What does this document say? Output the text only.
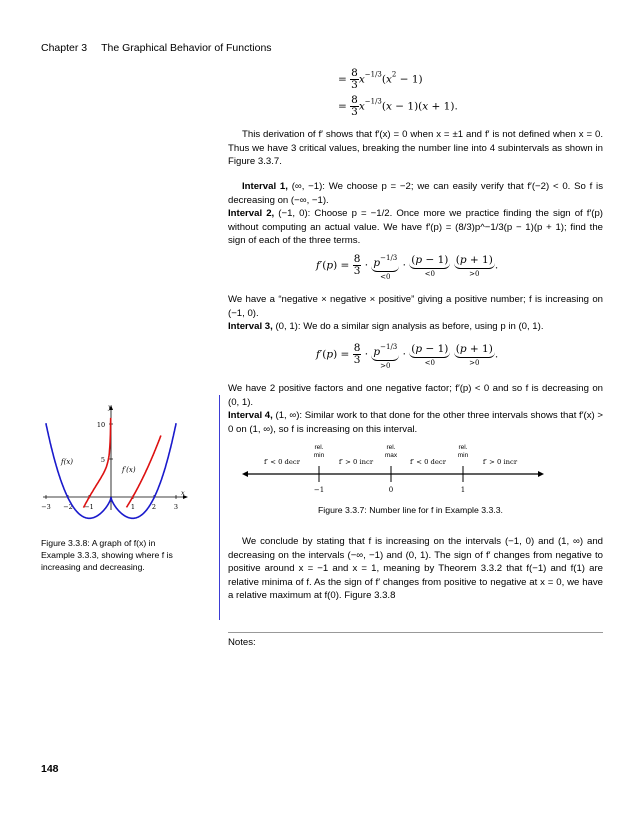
Chapter 3 The Graphical Behavior of Functions
= $\frac{8}{3} x^{-1/3}(x^2 - 1)$
= $\frac{8}{3} x^{-1/3}(x - 1)(x + 1)$.
This derivation of f′ shows that f′(x) = 0 when x = ±1 and f′ is not defined when x = 0. Thus we have 3 critical values, breaking the number line into 4 subintervals as shown in Figure 3.3.7.
Interval 1, (∞, −1): We choose p = −2; we can easily verify that f′(−2) < 0. So f is decreasing on (−∞, −1).
Interval 2, (−1, 0): Choose p = −1/2. Once more we practice finding the sign of f′(p) without computing an actual value. We have f′(p) = (8/3)p^−1/3(p − 1)(p + 1); find the sign of each of the three terms.
$f'(p) = \frac{8}{3} \cdot p^{-1/3}$
<0
· (p − 1)
<0

(p + 1)
>0
.
We have a “negative × negative × positive” giving a positive number; f is increasing on (−1, 0).
Interval 3, (0, 1): We do a similar sign analysis as before, using p in (0, 1).
$f'(p) = \frac{8}{3} \cdot p^{-1/3}$
>0
· (p − 1)
<0

(p + 1)
>0
.
We have 2 positive factors and one negative factor; f′(p) < 0 and so f is decreasing on (0, 1).
Interval 4, (1, ∞): Similar work to that done for the other three intervals shows that f′(x) > 0 on (1, ∞), so f is increasing on this interval.
rel.
min
rel.
max
rel.
min
f′ < 0 decr	f′ > 0 incr	f′ < 0 decr	f′ > 0 incr
−1	0	1
Figure 3.3.7: Number line for f in Example 3.3.3.
x
y
−3 −2 −1	1	2	3
5
10
f(x)
f′(x)
Figure 3.3.8: A graph of f(x) in Example 3.3.3, showing where f is increasing and decreasing.
We conclude by stating that f is increasing on the intervals (−1, 0) and (1, ∞) and decreasing on the intervals (−∞, −1) and (0, 1). The sign of f′ changes from negative to positive around x = −1 and x = 1, meaning by Theorem 3.3.2 that f(−1) and f(1) are relative minima of f. As the sign of f′ changes from positive to negative at x = 0, we have a relative maximum at f(0). Figure 3.3.8
Notes:
148
